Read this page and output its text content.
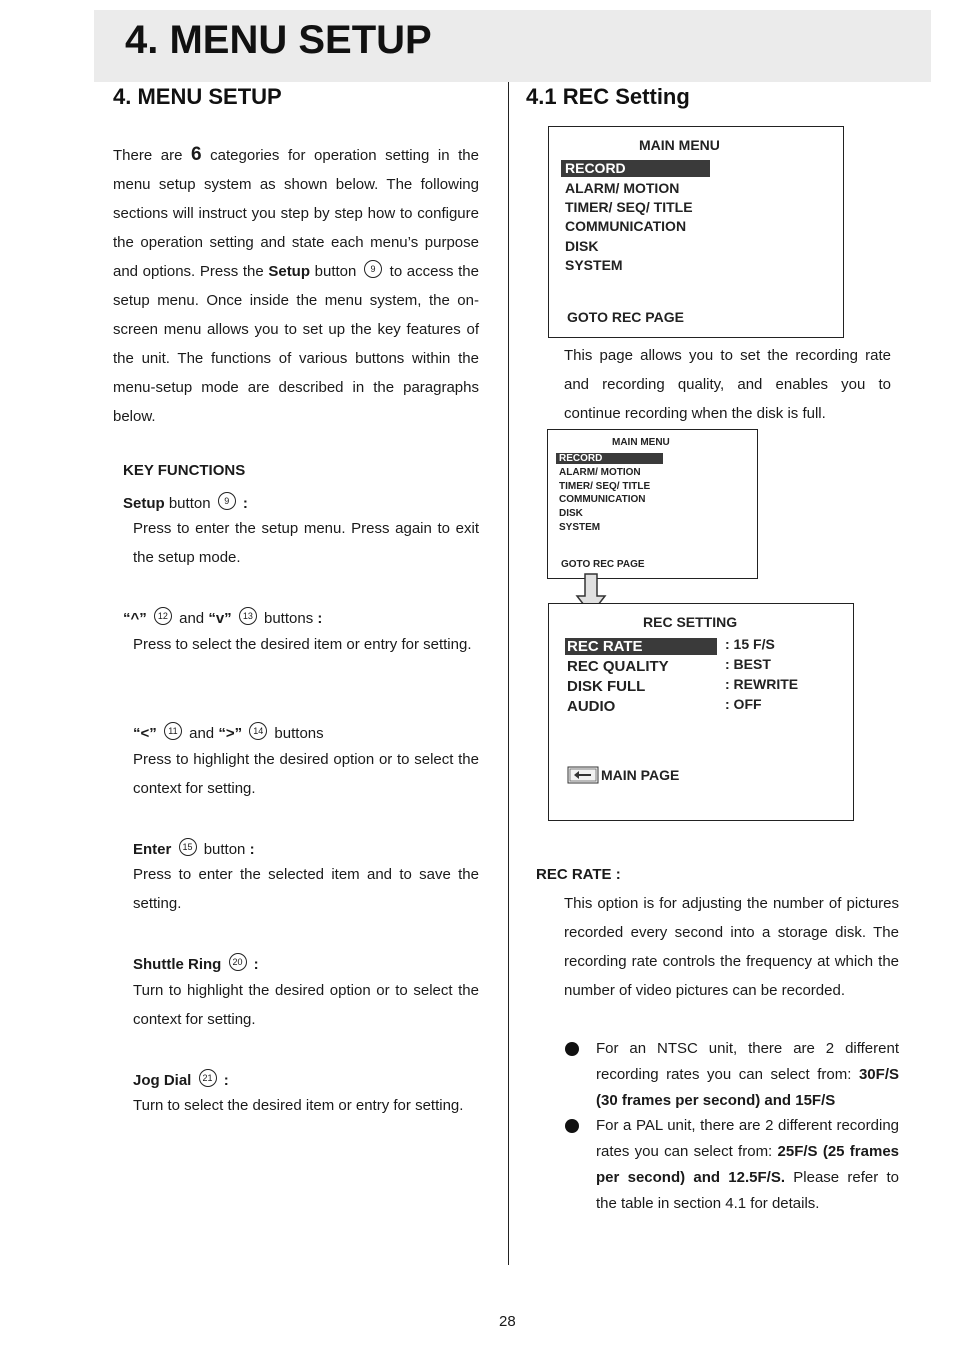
4. MENU SETUP
4. MENU SETUP
There are 6 categories for operation setting in the menu setup system as shown below. The following sections will instruct you step by step how to configure the operation setting and state each menu’s purpose and options. Press the Setup button 9 to access the setup menu. Once inside the menu system, the on-screen menu allows you to set up the key features of the unit. The functions of various buttons within the menu-setup mode are described in the paragraphs below.
KEY FUNCTIONS
Setup button 9 :
Press to enter the setup menu. Press again to exit the setup mode.
“^” 12 and “v” 13 buttons :
Press to select the desired item or entry for setting.
“<” 11 and “>” 14 buttons
Press to highlight the desired option or to select the context for setting.
Enter 15 button :
Press to enter the selected item and to save the setting.
Shuttle Ring 20 :
Turn to highlight the desired option or to select the context for setting.
Jog Dial 21 :
Turn to select the desired item or entry for setting.
4.1 REC Setting
MAIN MENU
RECORD
ALARM/ MOTION
TIMER/ SEQ/ TITLE
COMMUNICATION
DISK
SYSTEM
GOTO REC PAGE
This page allows you to set the recording rate and recording quality, and enables you to continue recording when the disk is full.
MAIN MENU
RECORD
ALARM/ MOTION
TIMER/ SEQ/ TITLE
COMMUNICATION
DISK
SYSTEM
GOTO REC PAGE
REC SETTING
REC RATE	: 15 F/S
REC QUALITY	: BEST
DISK FULL	: REWRITE
AUDIO	: OFF
MAIN PAGE
REC RATE :
This option is for adjusting the number of pictures recorded every second into a storage disk. The recording rate controls the frequency at which the number of video pictures can be recorded.
For an NTSC unit, there are 2 different recording rates you can select from: 30F/S (30 frames per second) and 15F/S
For a PAL unit, there are 2 different recording rates you can select from: 25F/S (25 frames per second) and 12.5F/S. Please refer to the table in section 4.1 for details.
28
